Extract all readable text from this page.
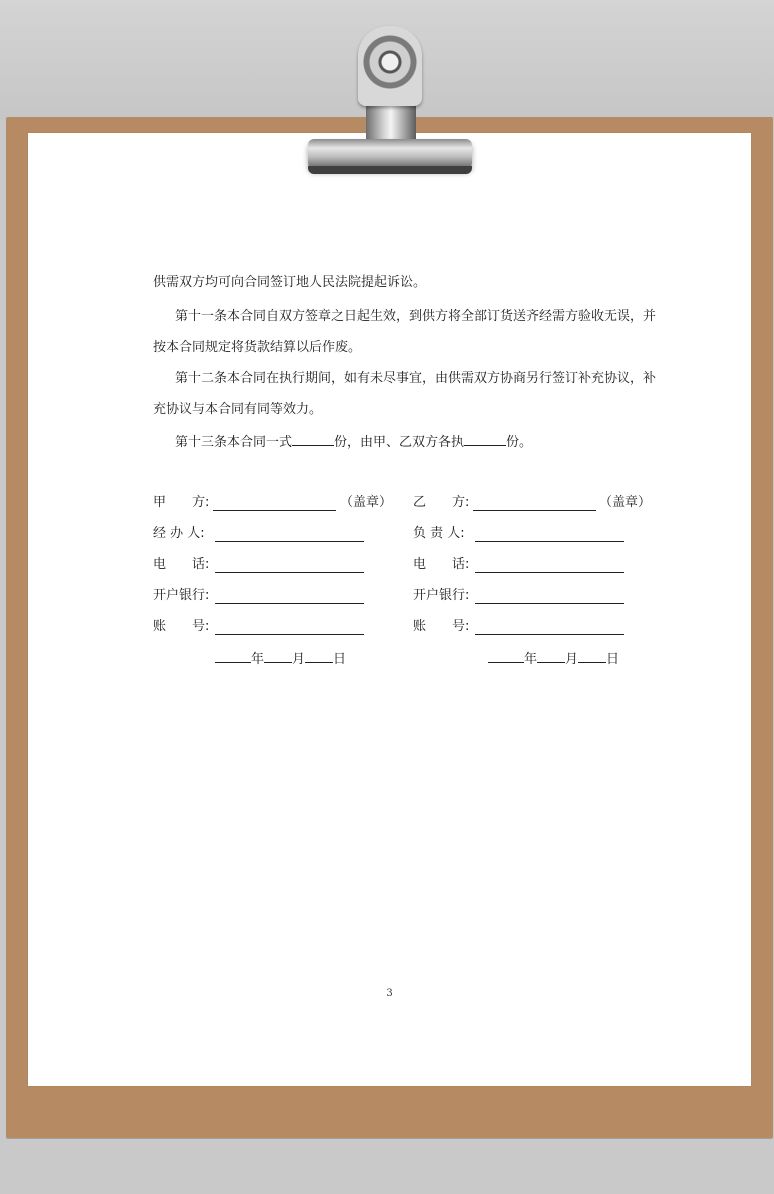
供需双方均可向合同签订地人民法院提起诉讼。
第十一条本合同自双方签章之日起生效，到供方将全部订货送齐经需方验收无误，并
按本合同规定将货款结算以后作废。
第十二条本合同在执行期间，如有未尽事宜，由供需双方协商另行签订补充协议，补
充协议与本合同有同等效力。
第十三条本合同一式	份，由甲、乙双方各执	份。
甲　　方:	（盖章）
经 办 人:
电　　话:
开户银行:
账　　号:
年 月 日
乙　　方:	（盖章）
负 责 人:
电　　话:
开户银行:
账　　号:
年 月 日
3
